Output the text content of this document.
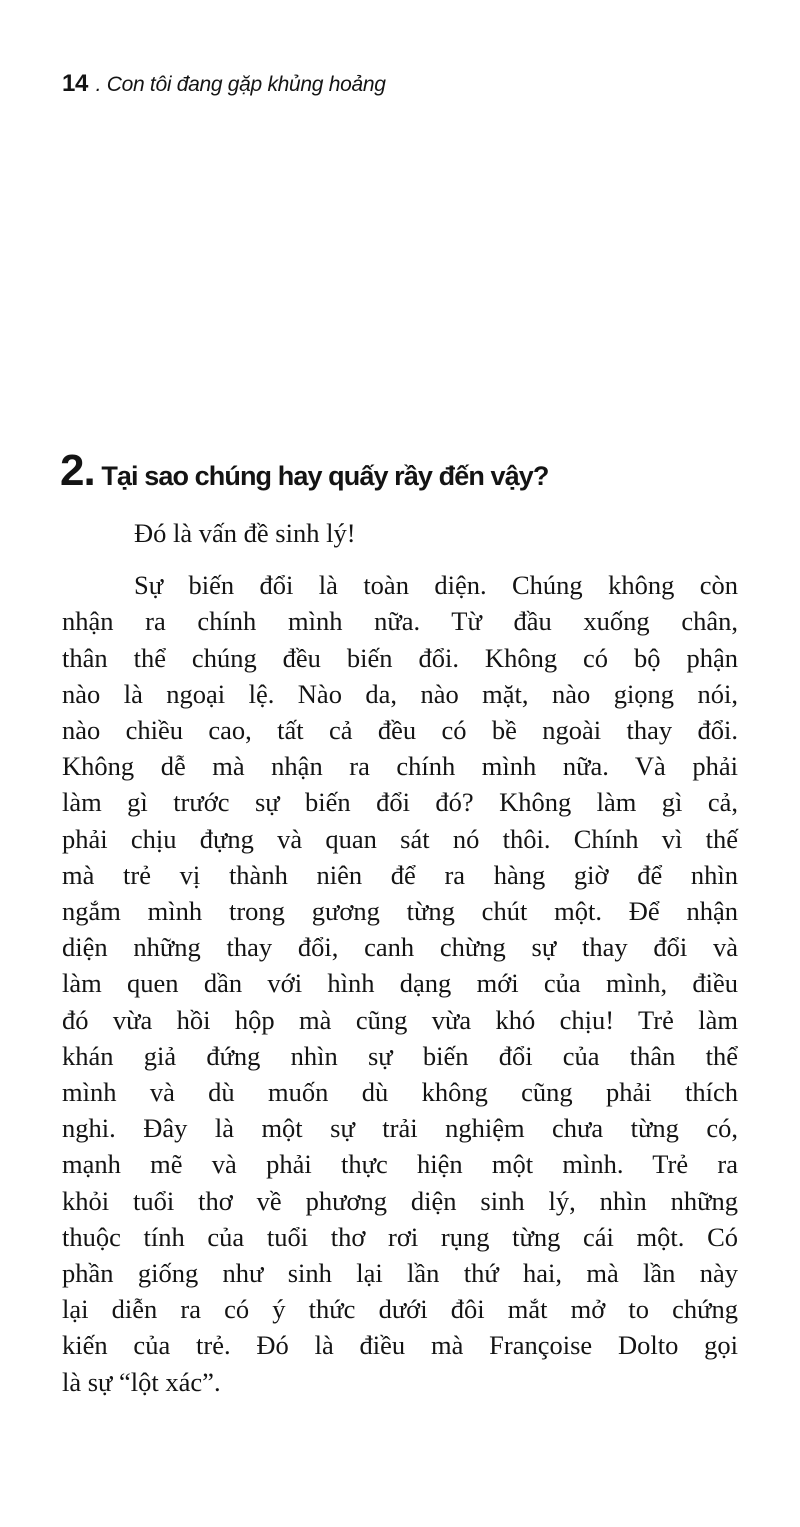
14 . Con tôi đang gặp khủng hoảng
2. Tại sao chúng hay quấy rầy đến vậy?

Đó là vấn đề sinh lý!

Sự biến đổi là toàn diện. Chúng không còn
nhận ra chính mình nữa. Từ đầu xuống chân,
thân thể chúng đều biến đổi. Không có bộ phận
nào là ngoại lệ. Nào da, nào mặt, nào giọng nói,
nào chiều cao, tất cả đều có bề ngoài thay đổi.
Không dễ mà nhận ra chính mình nữa. Và phải
làm gì trước sự biến đổi đó? Không làm gì cả,
phải chịu đựng và quan sát nó thôi. Chính vì thế
mà trẻ vị thành niên để ra hàng giờ để nhìn
ngắm mình trong gương từng chút một. Để nhận
diện những thay đổi, canh chừng sự thay đổi và
làm quen dần với hình dạng mới của mình, điều
đó vừa hồi hộp mà cũng vừa khó chịu! Trẻ làm
khán giả đứng nhìn sự biến đổi của thân thể
mình và dù muốn dù không cũng phải thích
nghi. Đây là một sự trải nghiệm chưa từng có,
mạnh mẽ và phải thực hiện một mình. Trẻ ra
khỏi tuổi thơ về phương diện sinh lý, nhìn những
thuộc tính của tuổi thơ rơi rụng từng cái một. Có
phần giống như sinh lại lần thứ hai, mà lần này
lại diễn ra có ý thức dưới đôi mắt mở to chứng
kiến của trẻ. Đó là điều mà Françoise Dolto gọi
là sự “lột xác”.
